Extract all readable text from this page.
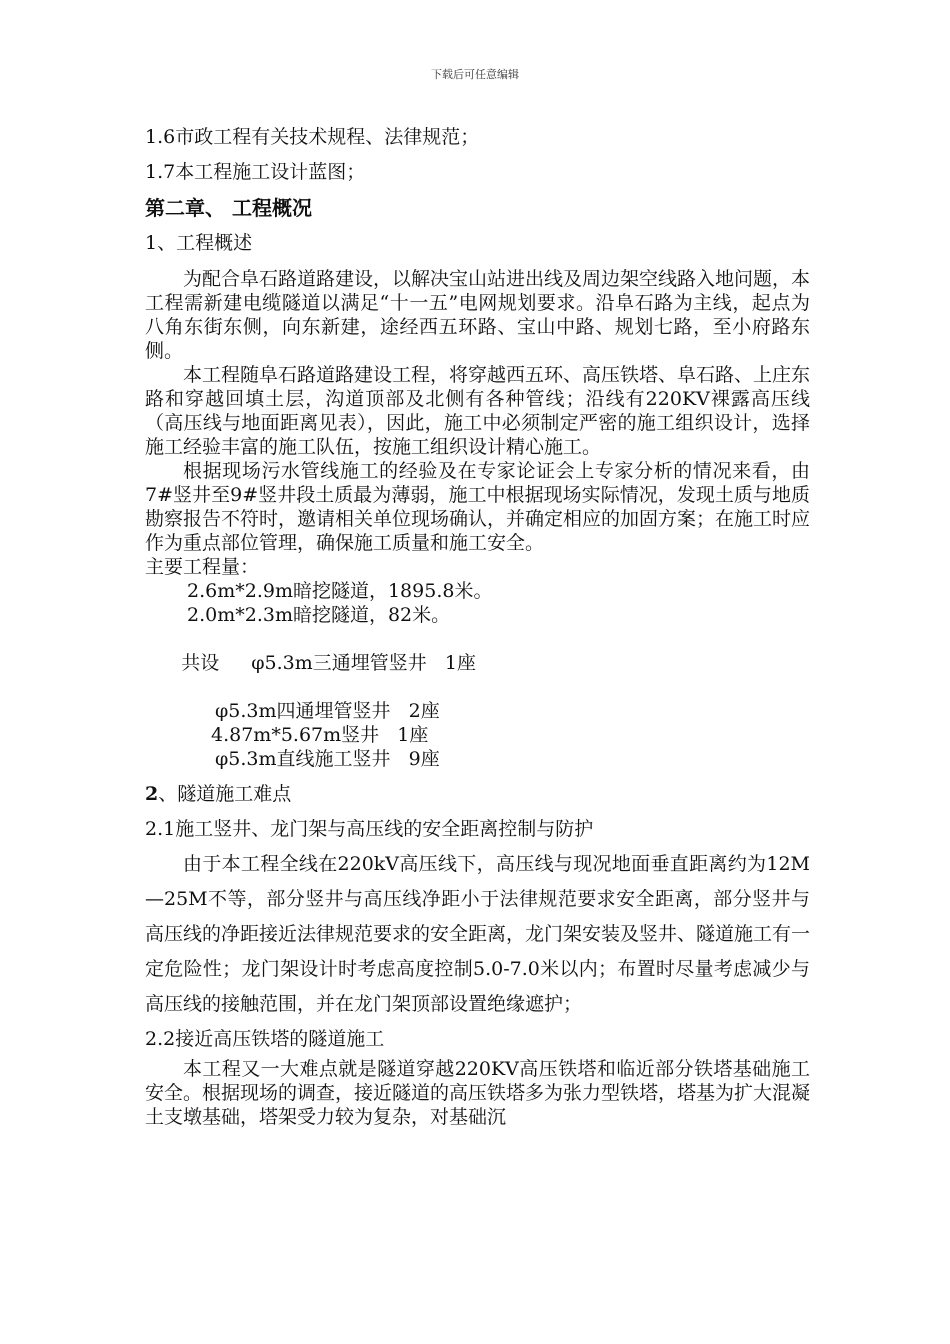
下载后可任意编辑

1.6市政工程有关技术规程、法律规范；

1.7本工程施工设计蓝图；

第二章、 工程概况

1、工程概述

为配合阜石路道路建设，以解决宝山站进出线及周边架空线路入地问题，本工程需新建电缆隧道以满足“十一五”电网规划要求。沿阜石路为主线，起点为八角东街东侧，向东新建，途经西五环路、宝山中路、规划七路，至小府路东侧。

本工程随阜石路道路建设工程，将穿越西五环、高压铁塔、阜石路、上庄东路和穿越回填土层，沟道顶部及北侧有各种管线；沿线有220KV裸露高压线（高压线与地面距离见表），因此，施工中必须制定严密的施工组织设计，选择施工经验丰富的施工队伍，按施工组织设计精心施工。

根据现场污水管线施工的经验及在专家论证会上专家分析的情况来看，由7#竖井至9#竖井段土质最为薄弱，施工中根据现场实际情况，发现土质与地质勘察报告不符时，邀请相关单位现场确认，并确定相应的加固方案；在施工时应作为重点部位管理，确保施工质量和施工安全。

主要工程量：

2.6m*2.9m暗挖隧道，1895.8米。

2.0m*2.3m暗挖隧道，82米。

共设 φ5.3m三通埋管竖井   1座

φ5.3m四通埋管竖井   2座

4.87m*5.67m竖井   1座

φ5.3m直线施工竖井   9座

2、隧道施工难点

2.1施工竖井、龙门架与高压线的安全距离控制与防护

由于本工程全线在220kV高压线下，高压线与现况地面垂直距离约为12M—25M不等，部分竖井与高压线净距小于法律规范要求安全距离，部分竖井与高压线的净距接近法律规范要求的安全距离，龙门架安装及竖井、隧道施工有一定危险性；龙门架设计时考虑高度控制5.0-7.0米以内；布置时尽量考虑减少与高压线的接触范围，并在龙门架顶部设置绝缘遮护；

2.2接近高压铁塔的隧道施工

本工程又一大难点就是隧道穿越220KV高压铁塔和临近部分铁塔基础施工安全。根据现场的调查，接近隧道的高压铁塔多为张力型铁塔，塔基为扩大混凝土支墩基础，塔架受力较为复杂，对基础沉
